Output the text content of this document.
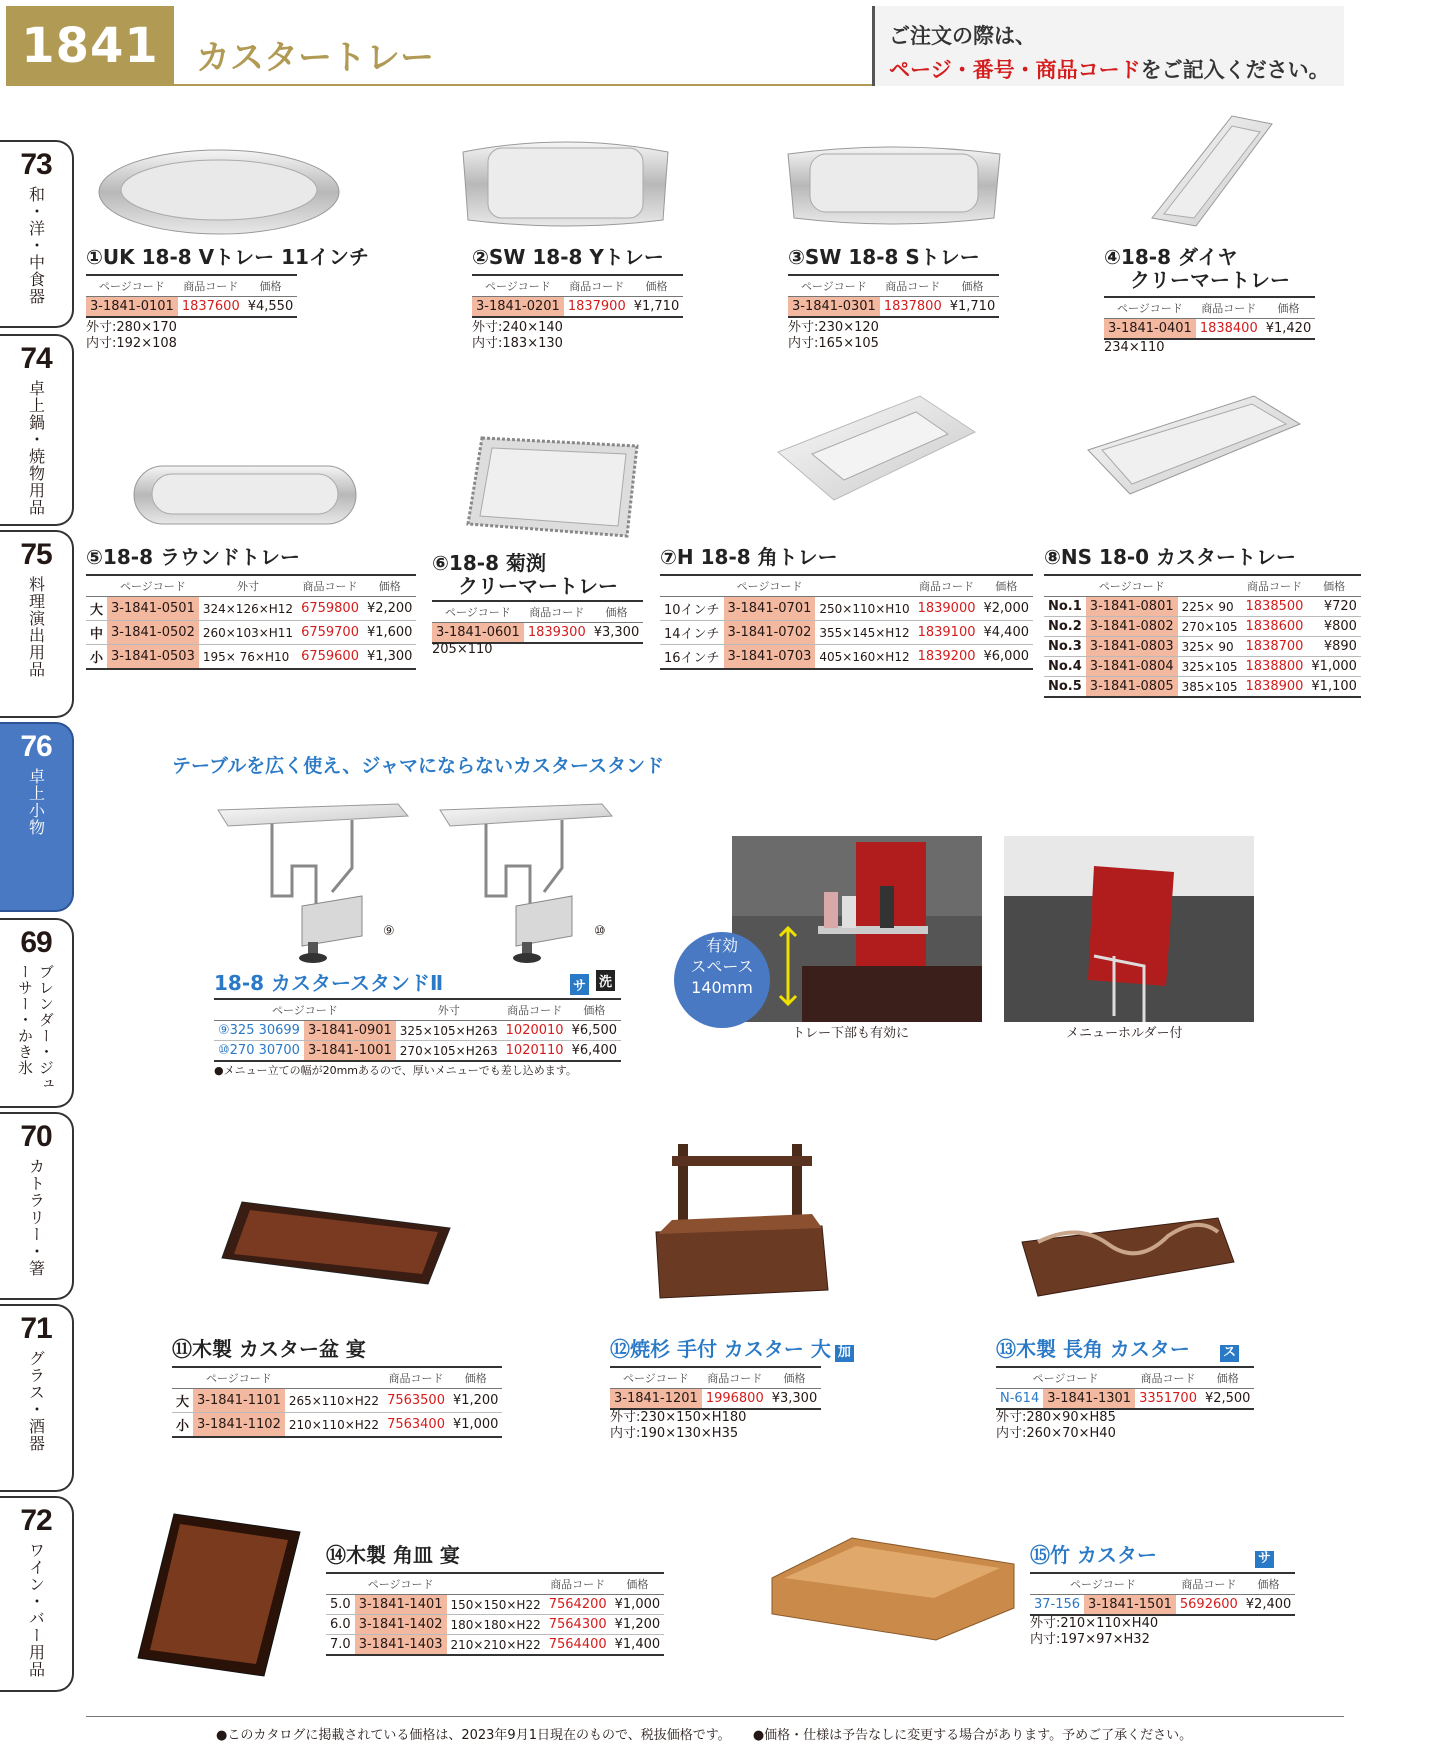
1841	カスタートレー
ご注文の際は、
ページ・番号・商品コードをご記入ください。
73
和・洋・中食器
74
卓上鍋・焼物用品
75
料理演出用品
76
卓上小物
69
ブレンダー・ジューサー・かき氷
70
カトラリー・箸
71
グラス・酒器
72
ワイン・バー用品
①UK 18-8 Vトレー 11インチ
ページコード	商品コード	価格
3-1841-0101	1837600	¥4,550
外寸:280×170
内寸:192×108
②SW 18-8 Yトレー
ページコード	商品コード	価格
3-1841-0201	1837900	¥1,710
外寸:240×140
内寸:183×130
③SW 18-8 Sトレー
ページコード	商品コード	価格
3-1841-0301	1837800	¥1,710
外寸:230×120
内寸:165×105
④18-8 ダイヤ
クリーマートレー
ページコード	商品コード	価格
3-1841-0401	1838400	¥1,420
234×110
⑤18-8 ラウンドトレー
	ページコード	外寸	商品コード	価格
大	3-1841-0501	324×126×H12	6759800	¥2,200
中	3-1841-0502	260×103×H11	6759700	¥1,600
小	3-1841-0503	195× 76×H10	6759600	¥1,300
⑥18-8 菊渕
クリーマートレー
ページコード	商品コード	価格
3-1841-0601	1839300	¥3,300
205×110
⑦H 18-8 角トレー
	ページコード		商品コード	価格
10インチ	3-1841-0701	250×110×H10	1839000	¥2,000
14インチ	3-1841-0702	355×145×H12	1839100	¥4,400
16インチ	3-1841-0703	405×160×H12	1839200	¥6,000
⑧NS 18-0 カスタートレー
	ページコード		商品コード	価格
No.1	3-1841-0801	225× 90	1838500	¥720
No.2	3-1841-0802	270×105	1838600	¥800
No.3	3-1841-0803	325× 90	1838700	¥890
No.4	3-1841-0804	325×105	1838800	¥1,000
No.5	3-1841-0805	385×105	1838900	¥1,100
テーブルを広く使え、ジャマにならないカスタースタンド
⑨	⑩
18-8 カスタースタンドⅡ	サ 洗
ページコード		外寸	商品コード	価格
⑨325 30699	3-1841-0901	325×105×H263	1020010	¥6,500
⑩270 30700	3-1841-1001	270×105×H263	1020110	¥6,400
●メニュー立ての幅が20mmあるので、厚いメニューでも差し込めます。
有効
スペース
140mm
トレー下部も有効に	メニューホルダー付
⑪木製 カスター盆 宴
	ページコード		商品コード	価格
大	3-1841-1101	265×110×H22	7563500	¥1,200
小	3-1841-1102	210×110×H22	7563400	¥1,000
⑫焼杉 手付 カスター 大 加
ページコード	商品コード	価格
3-1841-1201	1996800	¥3,300
外寸:230×150×H180
内寸:190×130×H35
⑬木製 長角 カスター	ス
ページコード		商品コード	価格
N-614	3-1841-1301	3351700	¥2,500
外寸:280×90×H85
内寸:260×70×H40
⑭木製 角皿 宴
	ページコード		商品コード	価格
5.0	3-1841-1401	150×150×H22	7564200	¥1,000
6.0	3-1841-1402	180×180×H22	7564300	¥1,200
7.0	3-1841-1403	210×210×H22	7564400	¥1,400
⑮竹 カスター	サ
ページコード		商品コード	価格
37-156	3-1841-1501	5692600	¥2,400
外寸:210×110×H40
内寸:197×97×H32
●このカタログに掲載されている価格は、2023年9月1日現在のもので、税抜価格です。 ●価格・仕様は予告なしに変更する場合があります。予めご了承ください。
